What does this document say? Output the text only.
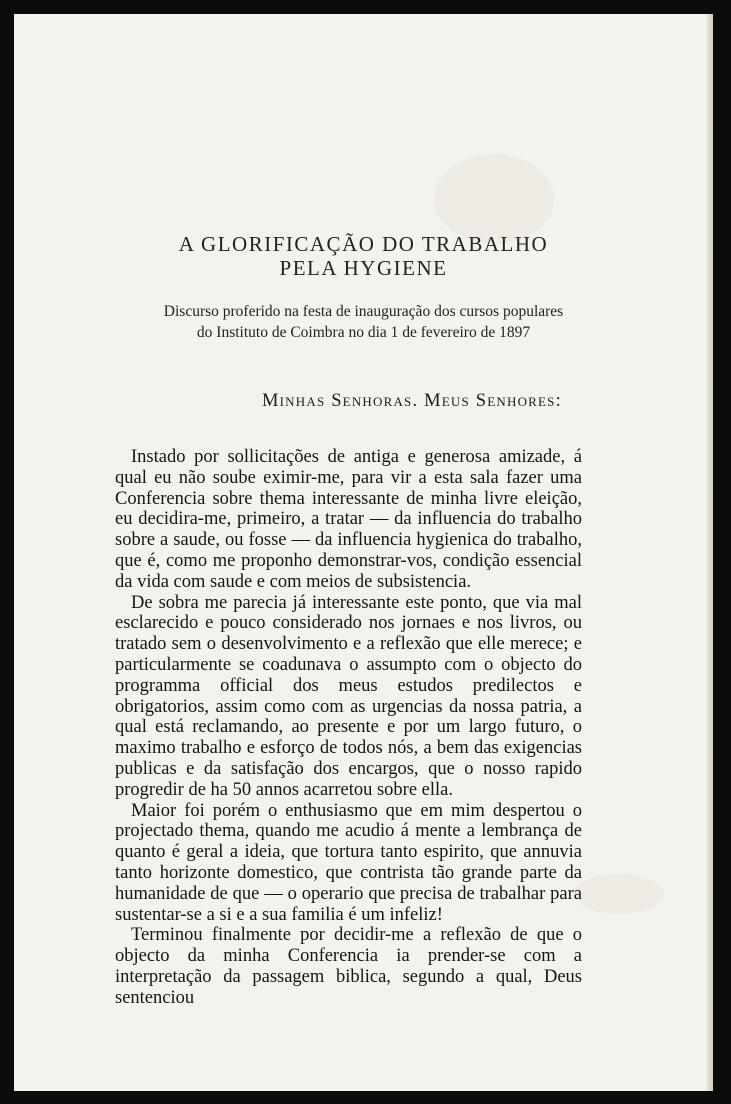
A GLORIFICAÇÃO DO TRABALHO
PELA HYGIENE
Discurso proferido na festa de inauguração dos cursos populares
do Instituto de Coimbra no dia 1 de fevereiro de 1897
Minhas Senhoras. Meus Senhores:

Instado por sollicitações de antiga e generosa amizade, á qual eu não soube eximir-me, para vir a esta sala fazer uma Conferencia sobre thema interessante de minha livre eleição, eu decidira-me, primeiro, a tratar — da influencia do trabalho sobre a saude, ou fosse — da influencia hygienica do trabalho, que é, como me proponho demonstrar-vos, condição essencial da vida com saude e com meios de subsistencia.

De sobra me parecia já interessante este ponto, que via mal esclarecido e pouco considerado nos jornaes e nos livros, ou tratado sem o desenvolvimento e a reflexão que elle merece; e particularmente se coadunava o assumpto com o objecto do programma official dos meus estudos predilectos e obrigatorios, assim como com as urgencias da nossa patria, a qual está reclamando, ao presente e por um largo futuro, o maximo trabalho e esforço de todos nós, a bem das exigencias publicas e da satisfação dos encargos, que o nosso rapido progredir de ha 50 annos acarretou sobre ella.

Maior foi porém o enthusiasmo que em mim despertou o projectado thema, quando me acudio á mente a lembrança de quanto é geral a ideia, que tortura tanto espirito, que annuvia tanto horizonte domestico, que contrista tão grande parte da humanidade de que — o operario que precisa de trabalhar para sustentar-se a si e a sua familia é um infeliz!

Terminou finalmente por decidir-me a reflexão de que o objecto da minha Conferencia ia prender-se com a interpretação da passagem biblica, segundo a qual, Deus sentenciou
